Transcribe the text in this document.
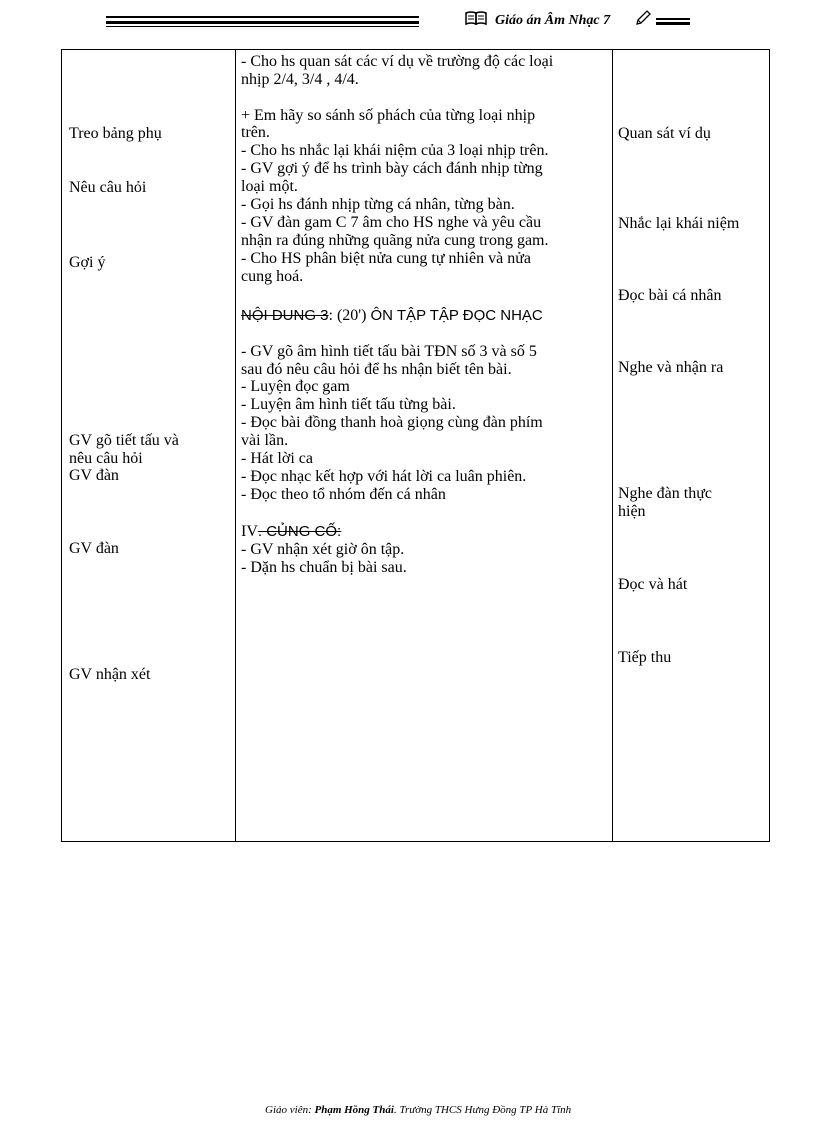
Giáo án Âm Nhạc 7
Treo bảng phụ
Nêu câu hỏi
Gợi ý
GV gõ tiết tấu và
nêu câu hỏi
GV đàn
GV đàn
GV nhận xét
- Cho hs quan sát các ví dụ về trường độ các loại
nhịp 2/4, 3/4 , 4/4.
+ Em hãy so sánh số phách của từng loại nhịp
trên.
- Cho hs nhắc lại khái niệm của 3 loại nhịp trên.
- GV gợi ý để hs trình bày cách đánh nhịp từng
loại một.
- Gọi hs đánh nhịp từng cá nhân, từng bàn.
- GV đàn gam C 7 âm cho HS nghe và yêu cầu
nhận ra đúng những quãng nửa cung trong gam.
- Cho HS phân biệt nửa cung tự nhiên và nửa
cung hoá.
NỘI DUNG 3: (20') ÔN TẬP TẬP ĐỌC NHẠC
- GV gõ âm hình tiết tấu bài TĐN số 3 và số 5
sau đó nêu câu hỏi để hs nhận biết tên bài.
- Luyện đọc gam
- Luyện âm hình tiết tấu từng bài.
- Đọc bài đồng thanh hoà giọng cùng đàn phím
vài lần.
- Hát lời ca
- Đọc nhạc kết hợp với hát lời ca luân phiên.
- Đọc theo tổ nhóm đến cá nhân
IV. CỦNG CỐ:
- GV nhận xét giờ ôn tập.
- Dặn hs chuẩn bị bài sau.
Quan sát ví dụ
Nhắc lại khái niệm
Đọc bài cá nhân
Nghe và nhận ra
Nghe đàn thực
hiện
Đọc và hát
Tiếp thu
Giáo viên: Phạm Hồng Thái. Trường THCS Hưng Đồng TP Hà Tĩnh
